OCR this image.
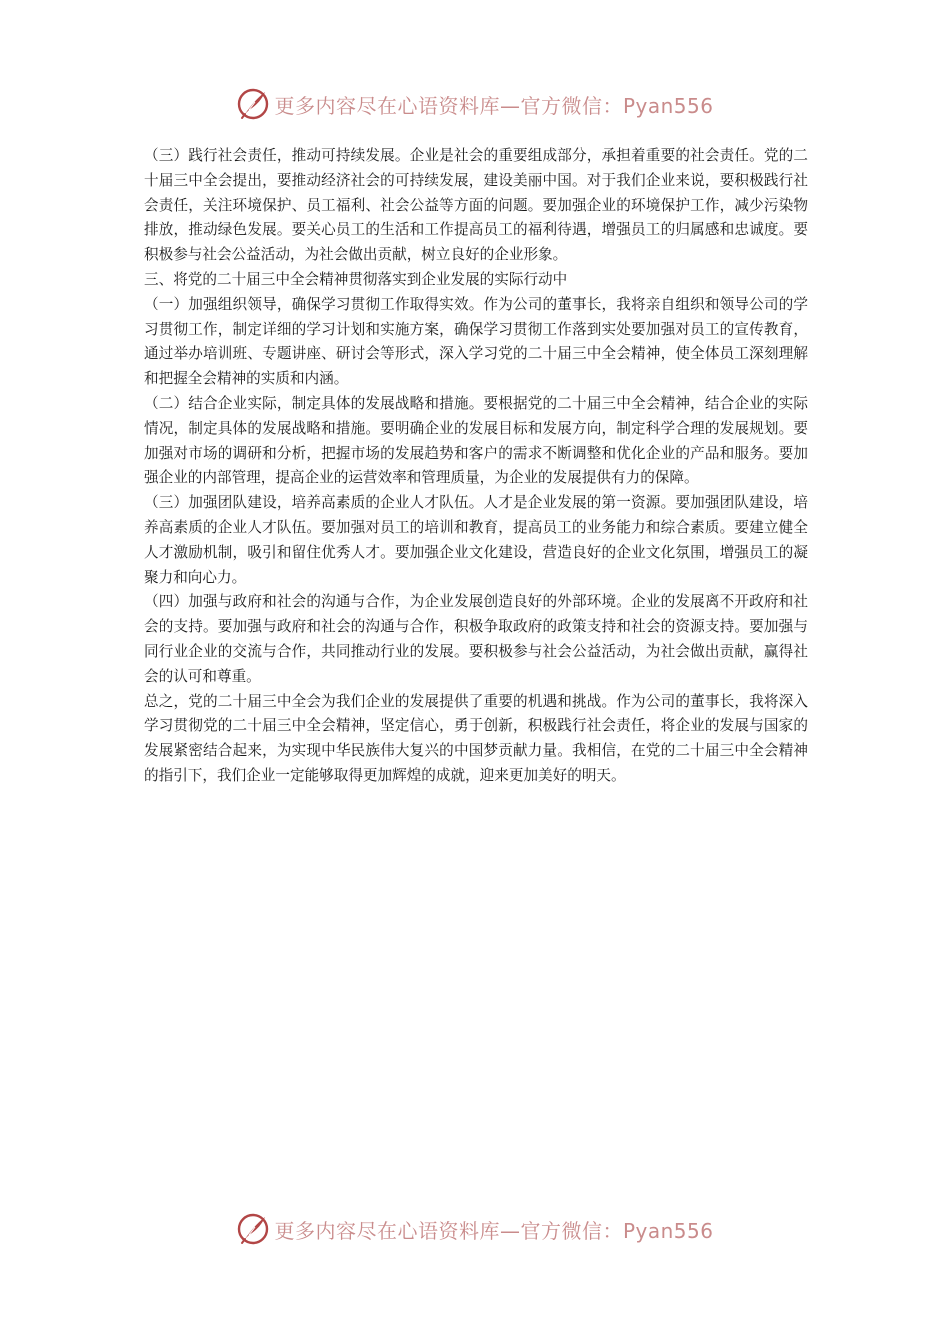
更多内容尽在心语资料库—官方微信：Pyan556

（三）践行社会责任，推动可持续发展。企业是社会的重要组成部分，承担着重要的社会责任。党的二十届三中全会提出，要推动经济社会的可持续发展，建设美丽中国。对于我们企业来说，要积极践行社会责任，关注环境保护、员工福利、社会公益等方面的问题。要加强企业的环境保护工作，减少污染物排放，推动绿色发展。要关心员工的生活和工作提高员工的福利待遇，增强员工的归属感和忠诚度。要积极参与社会公益活动，为社会做出贡献，树立良好的企业形象。

三、将党的二十届三中全会精神贯彻落实到企业发展的实际行动中

（一）加强组织领导，确保学习贯彻工作取得实效。作为公司的董事长，我将亲自组织和领导公司的学习贯彻工作，制定详细的学习计划和实施方案，确保学习贯彻工作落到实处要加强对员工的宣传教育，通过举办培训班、专题讲座、研讨会等形式，深入学习党的二十届三中全会精神，使全体员工深刻理解和把握全会精神的实质和内涵。

（二）结合企业实际，制定具体的发展战略和措施。要根据党的二十届三中全会精神，结合企业的实际情况，制定具体的发展战略和措施。要明确企业的发展目标和发展方向，制定科学合理的发展规划。要加强对市场的调研和分析，把握市场的发展趋势和客户的需求不断调整和优化企业的产品和服务。要加强企业的内部管理，提高企业的运营效率和管理质量，为企业的发展提供有力的保障。

（三）加强团队建设，培养高素质的企业人才队伍。人才是企业发展的第一资源。要加强团队建设，培养高素质的企业人才队伍。要加强对员工的培训和教育，提高员工的业务能力和综合素质。要建立健全人才激励机制，吸引和留住优秀人才。要加强企业文化建设，营造良好的企业文化氛围，增强员工的凝聚力和向心力。

（四）加强与政府和社会的沟通与合作，为企业发展创造良好的外部环境。企业的发展离不开政府和社会的支持。要加强与政府和社会的沟通与合作，积极争取政府的政策支持和社会的资源支持。要加强与同行业企业的交流与合作，共同推动行业的发展。要积极参与社会公益活动，为社会做出贡献，赢得社会的认可和尊重。

总之，党的二十届三中全会为我们企业的发展提供了重要的机遇和挑战。作为公司的董事长，我将深入学习贯彻党的二十届三中全会精神，坚定信心，勇于创新，积极践行社会责任，将企业的发展与国家的发展紧密结合起来，为实现中华民族伟大复兴的中国梦贡献力量。我相信，在党的二十届三中全会精神的指引下，我们企业一定能够取得更加辉煌的成就，迎来更加美好的明天。

更多内容尽在心语资料库—官方微信：Pyan556
